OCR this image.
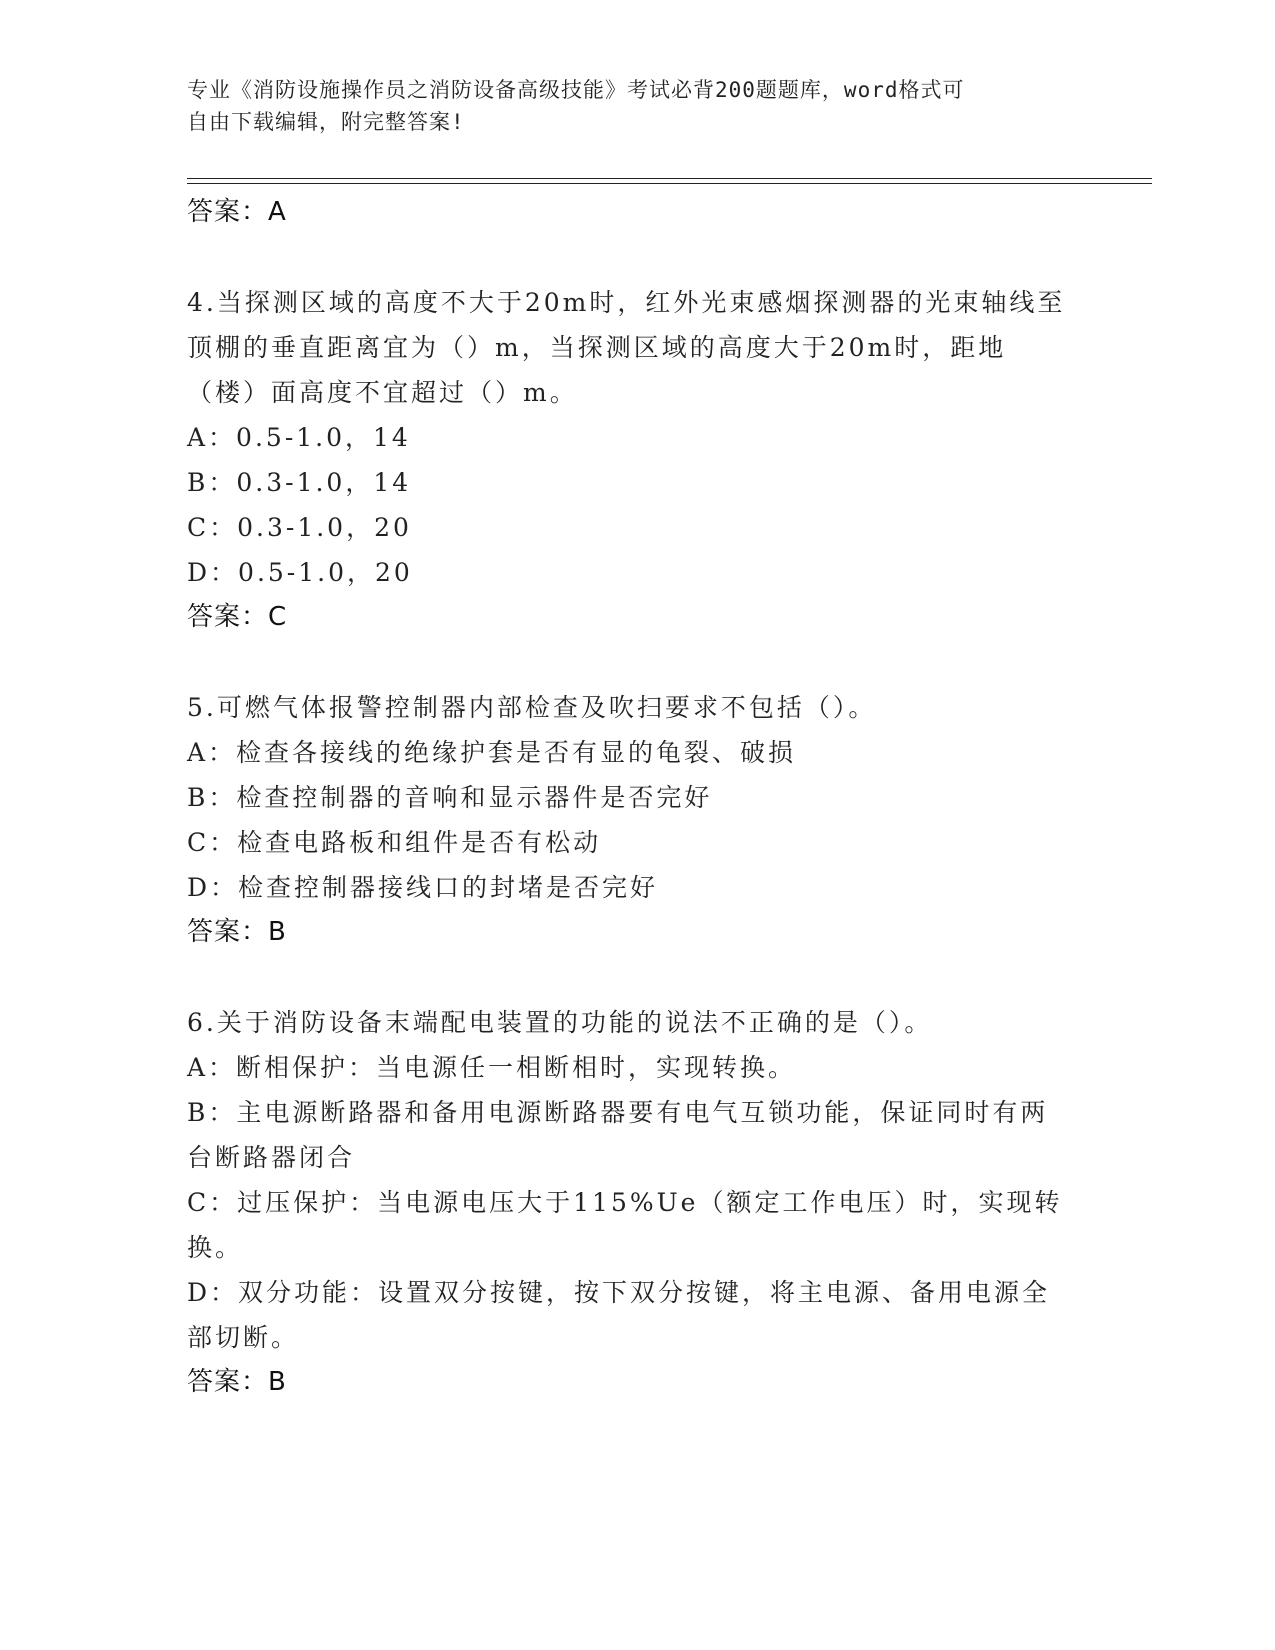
专业《消防设施操作员之消防设备高级技能》考试必背200题题库，word格式可
自由下载编辑，附完整答案!

答案：A

4.当探测区域的高度不大于20m时，红外光束感烟探测器的光束轴线至顶棚的垂直距离宜为（）m，当探测区域的高度大于20m时，距地（楼）面高度不宜超过（）m。

A：0.5-1.0，14

B：0.3-1.0，14

C：0.3-1.0，20

D：0.5-1.0，20

答案：C

5.可燃气体报警控制器内部检查及吹扫要求不包括（）。

A：检查各接线的绝缘护套是否有显的龟裂、破损

B：检查控制器的音响和显示器件是否完好

C：检查电路板和组件是否有松动

D：检查控制器接线口的封堵是否完好

答案：B

6.关于消防设备末端配电装置的功能的说法不正确的是（）。

A：断相保护：当电源任一相断相时，实现转换。

B：主电源断路器和备用电源断路器要有电气互锁功能，保证同时有两台断路器闭合

C：过压保护：当电源电压大于115%Ue（额定工作电压）时，实现转换。

D：双分功能：设置双分按键，按下双分按键，将主电源、备用电源全部切断。

答案：B
